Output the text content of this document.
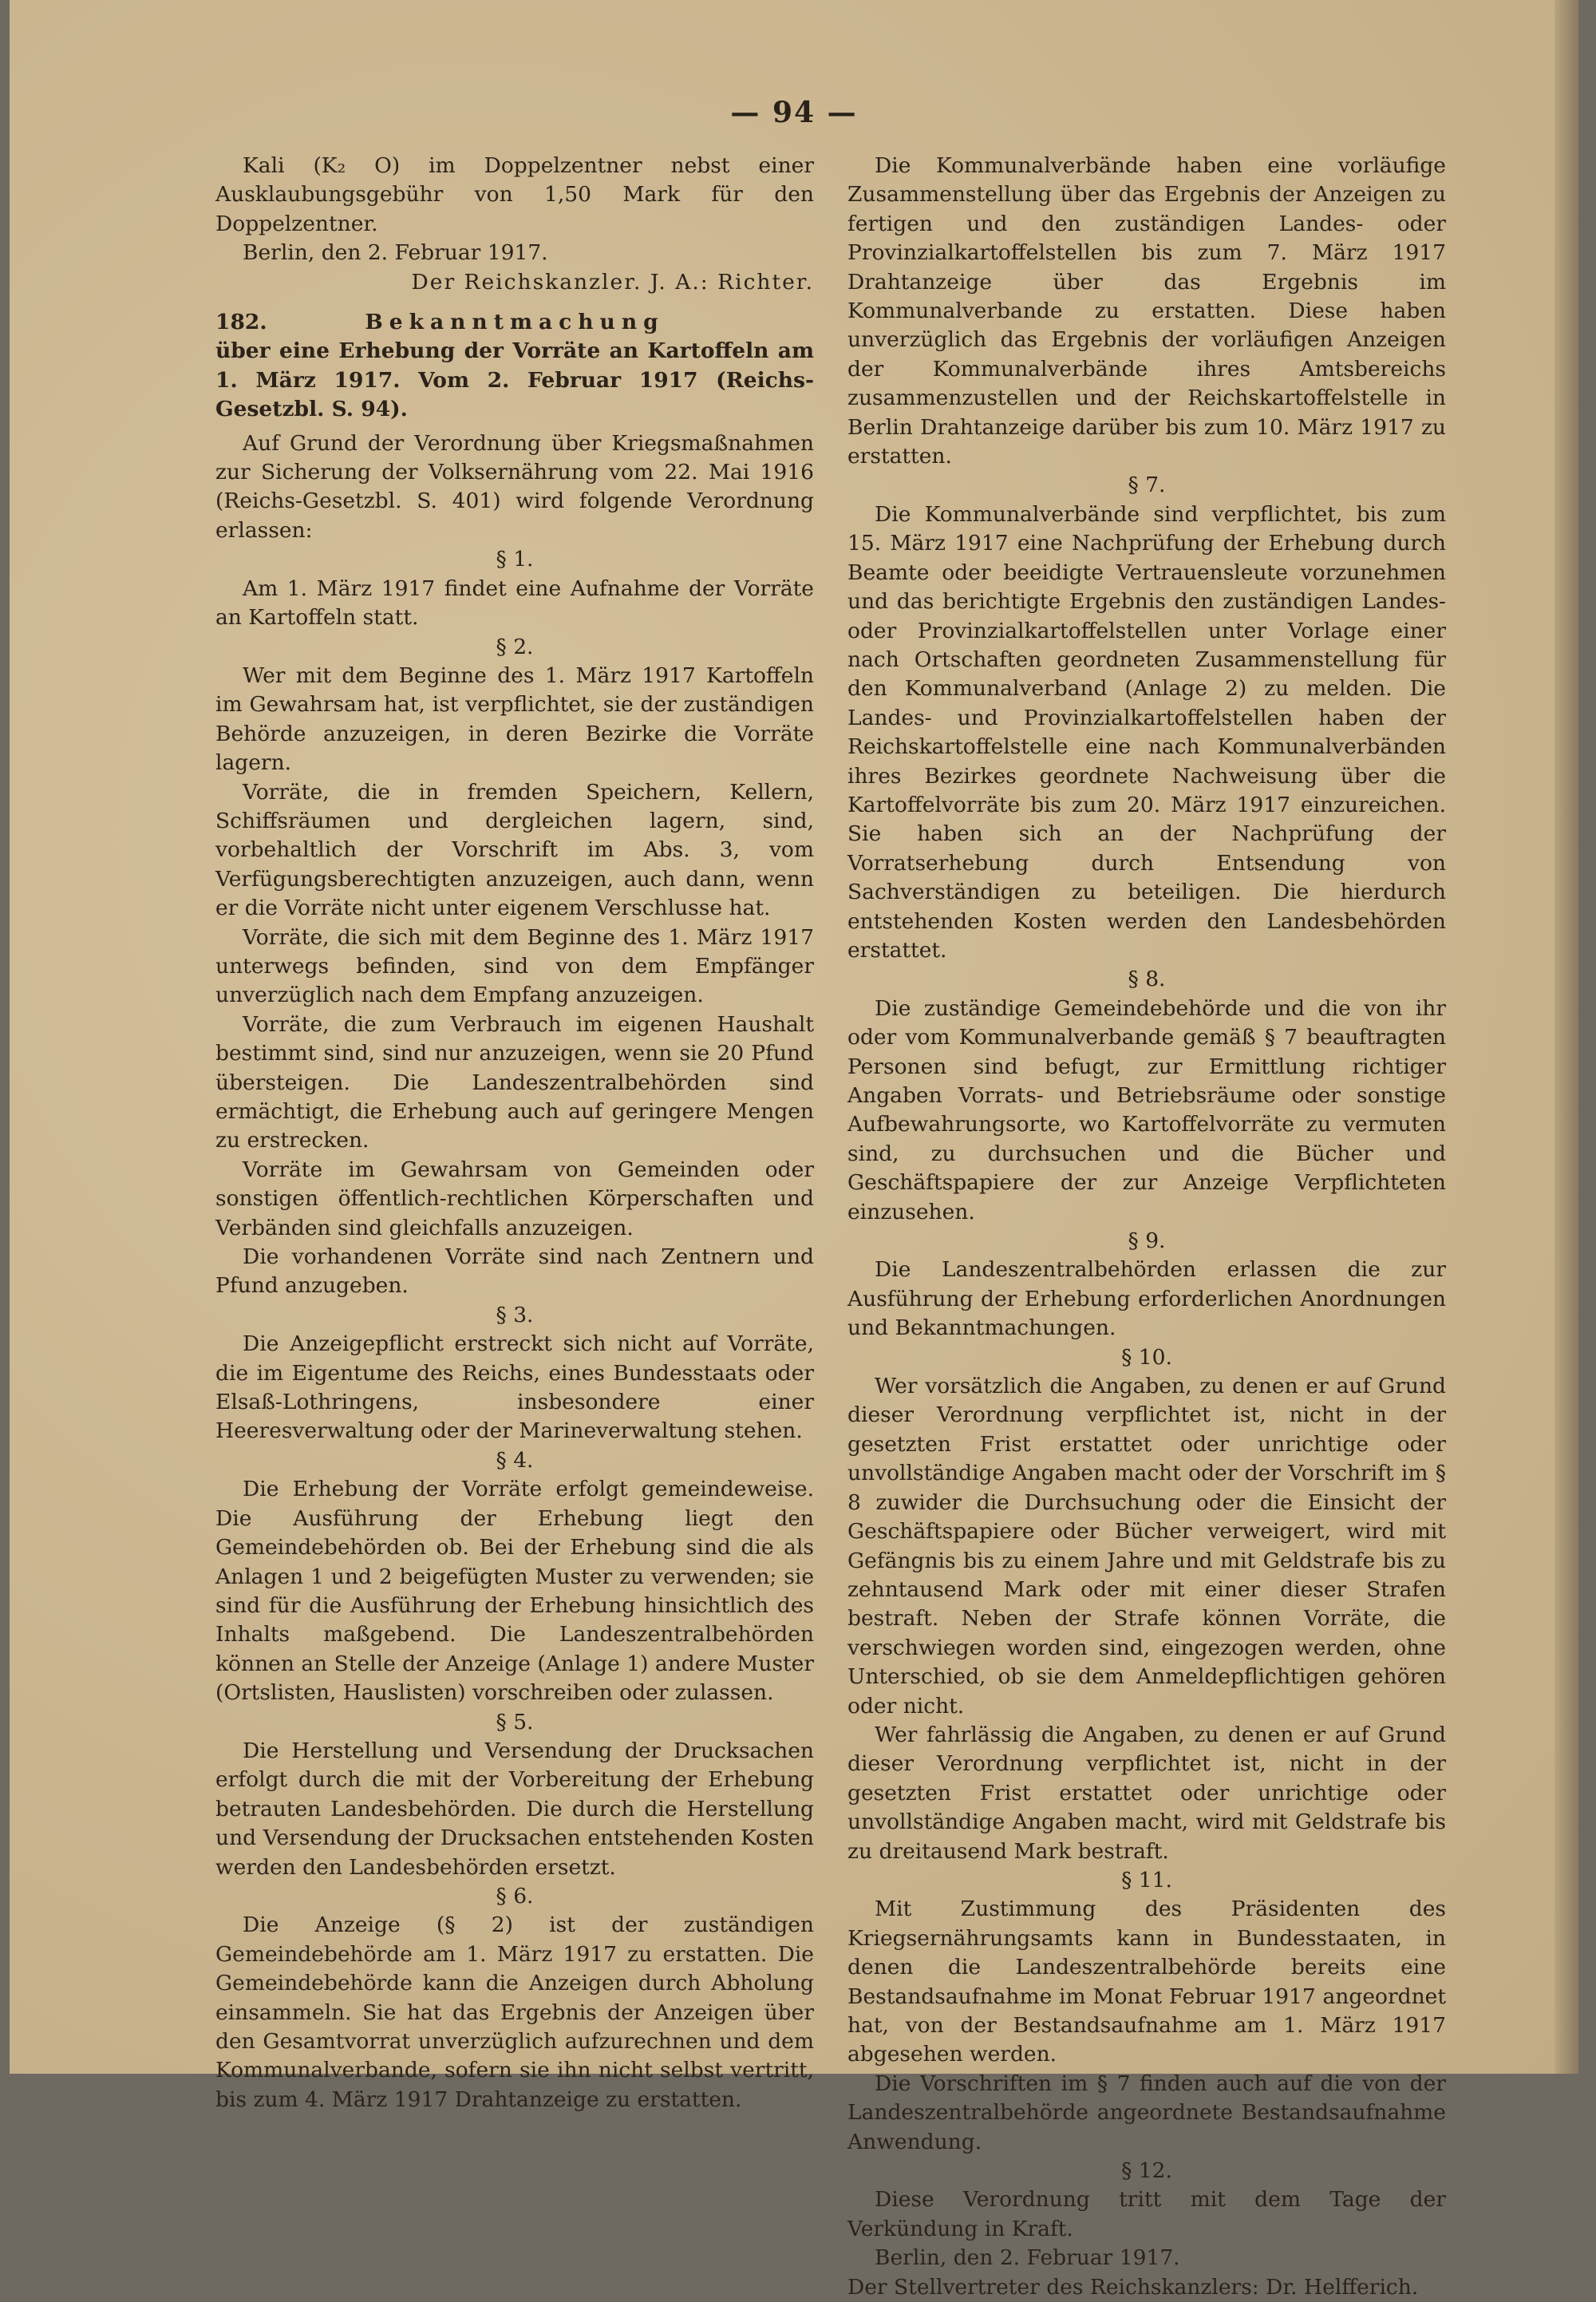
— 94 —

Kali (K₂ O) im Doppelzentner nebst einer Ausklaubungsgebühr von 1,50 Mark für den Doppelzentner.

Berlin, den 2. Februar 1917.

Der Reichskanzler. J. A.: Richter.

182.	Bekanntmachung

über eine Erhebung der Vorräte an Kartoffeln am 1. März 1917. Vom 2. Februar 1917 (Reichs-Gesetzbl. S. 94).

Auf Grund der Verordnung über Kriegsmaßnahmen zur Sicherung der Volksernährung vom 22. Mai 1916 (Reichs-Gesetzbl. S. 401) wird folgende Verordnung erlassen:

§ 1.

Am 1. März 1917 findet eine Aufnahme der Vorräte an Kartoffeln statt.

§ 2.

Wer mit dem Beginne des 1. März 1917 Kartoffeln im Gewahrsam hat, ist verpflichtet, sie der zuständigen Behörde anzuzeigen, in deren Bezirke die Vorräte lagern.

Vorräte, die in fremden Speichern, Kellern, Schiffsräumen und dergleichen lagern, sind, vorbehaltlich der Vorschrift im Abs. 3, vom Verfügungsberechtigten anzuzeigen, auch dann, wenn er die Vorräte nicht unter eigenem Verschlusse hat.

Vorräte, die sich mit dem Beginne des 1. März 1917 unterwegs befinden, sind von dem Empfänger unverzüglich nach dem Empfang anzuzeigen.

Vorräte, die zum Verbrauch im eigenen Haushalt bestimmt sind, sind nur anzuzeigen, wenn sie 20 Pfund übersteigen. Die Landeszentralbehörden sind ermächtigt, die Erhebung auch auf geringere Mengen zu erstrecken.

Vorräte im Gewahrsam von Gemeinden oder sonstigen öffentlich-rechtlichen Körperschaften und Verbänden sind gleichfalls anzuzeigen.

Die vorhandenen Vorräte sind nach Zentnern und Pfund anzugeben.

§ 3.

Die Anzeigepflicht erstreckt sich nicht auf Vorräte, die im Eigentume des Reichs, eines Bundesstaats oder Elsaß-Lothringens, insbesondere einer Heeresverwaltung oder der Marineverwaltung stehen.

§ 4.

Die Erhebung der Vorräte erfolgt gemeindeweise. Die Ausführung der Erhebung liegt den Gemeindebehörden ob. Bei der Erhebung sind die als Anlagen 1 und 2 beigefügten Muster zu verwenden; sie sind für die Ausführung der Erhebung hinsichtlich des Inhalts maßgebend. Die Landeszentralbehörden können an Stelle der Anzeige (Anlage 1) andere Muster (Ortslisten, Hauslisten) vorschreiben oder zulassen.

§ 5.

Die Herstellung und Versendung der Drucksachen erfolgt durch die mit der Vorbereitung der Erhebung betrauten Landesbehörden. Die durch die Herstellung und Versendung der Drucksachen entstehenden Kosten werden den Landesbehörden ersetzt.

§ 6.

Die Anzeige (§ 2) ist der zuständigen Gemeindebehörde am 1. März 1917 zu erstatten. Die Gemeindebehörde kann die Anzeigen durch Abholung einsammeln. Sie hat das Ergebnis der Anzeigen über den Gesamtvorrat unverzüglich aufzurechnen und dem Kommunalverbande, sofern sie ihn nicht selbst vertritt, bis zum 4. März 1917 Drahtanzeige zu erstatten.

Die Kommunalverbände haben eine vorläufige Zusammenstellung über das Ergebnis der Anzeigen zu fertigen und den zuständigen Landes- oder Provinzialkartoffelstellen bis zum 7. März 1917 Drahtanzeige über das Ergebnis im Kommunalverbande zu erstatten. Diese haben unverzüglich das Ergebnis der vorläufigen Anzeigen der Kommunalverbände ihres Amtsbereichs zusammenzustellen und der Reichskartoffelstelle in Berlin Drahtanzeige darüber bis zum 10. März 1917 zu erstatten.

§ 7.

Die Kommunalverbände sind verpflichtet, bis zum 15. März 1917 eine Nachprüfung der Erhebung durch Beamte oder beeidigte Vertrauensleute vorzunehmen und das berichtigte Ergebnis den zuständigen Landes- oder Provinzialkartoffelstellen unter Vorlage einer nach Ortschaften geordneten Zusammenstellung für den Kommunalverband (Anlage 2) zu melden. Die Landes- und Provinzialkartoffelstellen haben der Reichskartoffelstelle eine nach Kommunalverbänden ihres Bezirkes geordnete Nachweisung über die Kartoffelvorräte bis zum 20. März 1917 einzureichen. Sie haben sich an der Nachprüfung der Vorratserhebung durch Entsendung von Sachverständigen zu beteiligen. Die hierdurch entstehenden Kosten werden den Landesbehörden erstattet.

§ 8.

Die zuständige Gemeindebehörde und die von ihr oder vom Kommunalverbande gemäß § 7 beauftragten Personen sind befugt, zur Ermittlung richtiger Angaben Vorrats- und Betriebsräume oder sonstige Aufbewahrungsorte, wo Kartoffelvorräte zu vermuten sind, zu durchsuchen und die Bücher und Geschäftspapiere der zur Anzeige Verpflichteten einzusehen.

§ 9.

Die Landeszentralbehörden erlassen die zur Ausführung der Erhebung erforderlichen Anordnungen und Bekanntmachungen.

§ 10.

Wer vorsätzlich die Angaben, zu denen er auf Grund dieser Verordnung verpflichtet ist, nicht in der gesetzten Frist erstattet oder unrichtige oder unvollständige Angaben macht oder der Vorschrift im § 8 zuwider die Durchsuchung oder die Einsicht der Geschäftspapiere oder Bücher verweigert, wird mit Gefängnis bis zu einem Jahre und mit Geldstrafe bis zu zehntausend Mark oder mit einer dieser Strafen bestraft. Neben der Strafe können Vorräte, die verschwiegen worden sind, eingezogen werden, ohne Unterschied, ob sie dem Anmeldepflichtigen gehören oder nicht.

Wer fahrlässig die Angaben, zu denen er auf Grund dieser Verordnung verpflichtet ist, nicht in der gesetzten Frist erstattet oder unrichtige oder unvollständige Angaben macht, wird mit Geldstrafe bis zu dreitausend Mark bestraft.

§ 11.

Mit Zustimmung des Präsidenten des Kriegsernährungsamts kann in Bundesstaaten, in denen die Landeszentralbehörde bereits eine Bestandsaufnahme im Monat Februar 1917 angeordnet hat, von der Bestandsaufnahme am 1. März 1917 abgesehen werden.

Die Vorschriften im § 7 finden auch auf die von der Landeszentralbehörde angeordnete Bestandsaufnahme Anwendung.

§ 12.

Diese Verordnung tritt mit dem Tage der Verkündung in Kraft.

Berlin, den 2. Februar 1917.

Der Stellvertreter des Reichskanzlers: Dr. Helfferich.
